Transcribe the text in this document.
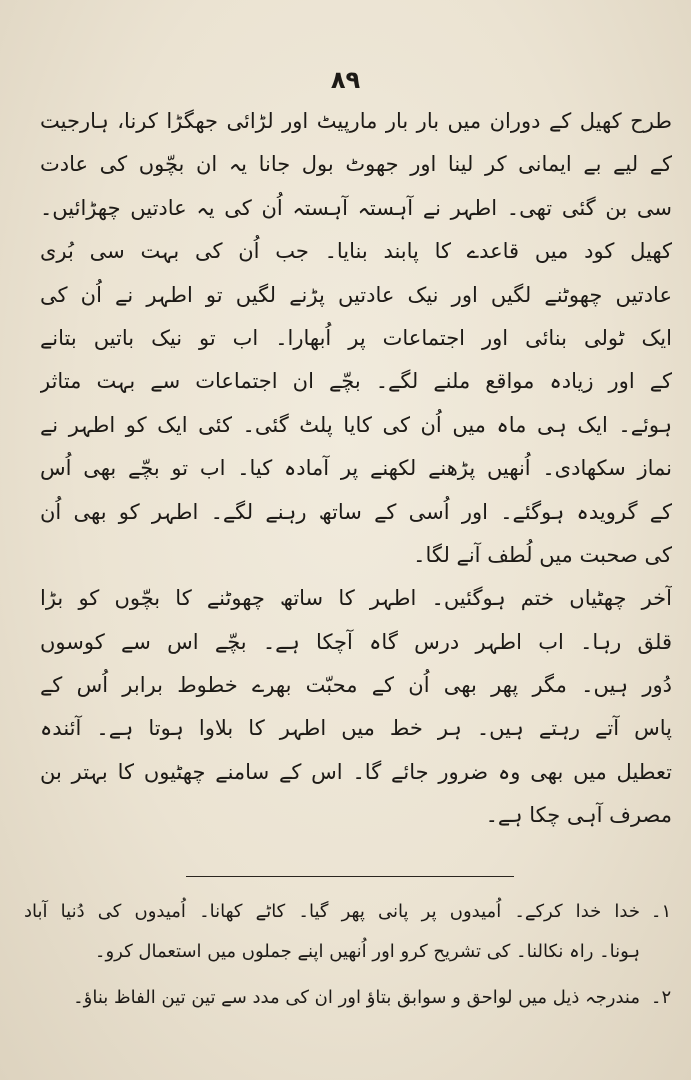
۸۹
طرح کھیل کے دوران میں بار بار مارپیٹ اور لڑائی جھگڑا کرنا، ہارجیت
کے لیے بے ایمانی کر لینا اور جھوٹ بول جانا یہ ان بچّوں کی عادت
سی بن گئی تھی۔ اطہر نے آہستہ آہستہ اُن کی یہ عادتیں چھڑائیں۔
کھیل کود میں قاعدے کا پابند بنایا۔ جب اُن کی بہت سی بُری
عادتیں چھوٹنے لگیں اور نیک عادتیں پڑنے لگیں تو اطہر نے اُن کی
ایک ٹولی بنائی اور اجتماعات پر اُبھارا۔ اب تو نیک باتیں بتانے
کے اور زیادہ مواقع ملنے لگے۔ بچّے ان اجتماعات سے بہت متاثر
ہوئے۔ ایک ہی ماہ میں اُن کی کایا پلٹ گئی۔ کئی ایک کو اطہر نے
نماز سکھادی۔ اُنھیں پڑھنے لکھنے پر آمادہ کیا۔ اب تو بچّے بھی اُس
کے گرویدہ ہوگئے۔ اور اُسی کے ساتھ رہنے لگے۔ اطہر کو بھی اُن
کی صحبت میں لُطف آنے لگا۔
آخر چھٹیاں ختم ہوگئیں۔ اطہر کا ساتھ چھوٹنے کا بچّوں کو بڑا
قلق رہا۔ اب اطہر درس گاہ آچکا ہے۔ بچّے اس سے کوسوں
دُور ہیں۔ مگر پھر بھی اُن کے محبّت بھرے خطوط برابر اُس کے
پاس آتے رہتے ہیں۔ ہر خط میں اطہر کا بلاوا ہوتا ہے۔ آئندہ
تعطیل میں بھی وہ ضرور جائے گا۔ اس کے سامنے چھٹیوں کا بہتر بن
مصرف آہی چکا ہے۔
۱۔
خدا خدا کرکے۔ اُمیدوں پر پانی پھر گیا۔ کاٹے کھانا۔ اُمیدوں کی دُنیا آباد
ہونا۔ راہ نکالنا۔ کی تشریح کرو اور اُنھیں اپنے جملوں میں استعمال کرو۔
۲۔
مندرجہ ذیل میں لواحق و سوابق بتاؤ اور ان کی مدد سے تین تین الفاظ بناؤ۔
